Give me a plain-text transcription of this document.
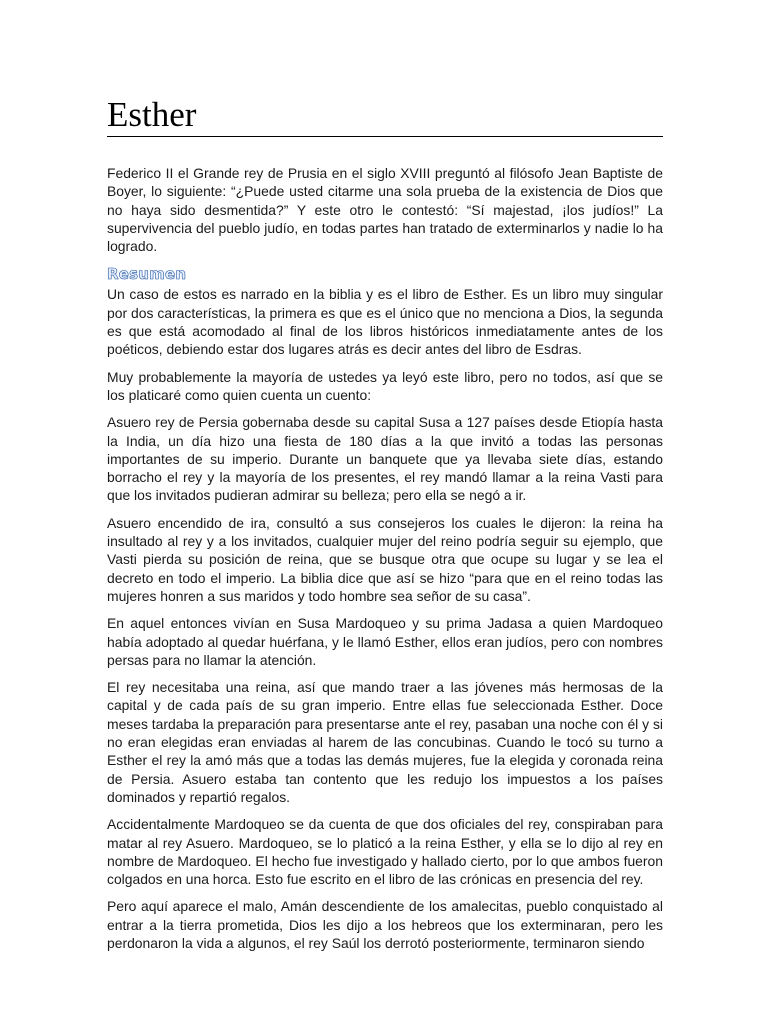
Esther

Federico II el Grande rey de Prusia en el siglo XVIII preguntó al filósofo Jean Baptiste de Boyer, lo siguiente: “¿Puede usted citarme una sola prueba de la existencia de Dios que no haya sido desmentida?” Y este otro le contestó: “Sí majestad, ¡los judíos!” La supervivencia del pueblo judío, en todas partes han tratado de exterminarlos y nadie lo ha logrado.

Resumen

Un caso de estos es narrado en la biblia y es el libro de Esther. Es un libro muy singular por dos características, la primera es que es el único que no menciona a Dios, la segunda es que está acomodado al final de los libros históricos inmediatamente antes de los poéticos, debiendo estar dos lugares atrás es decir antes del libro de Esdras.

Muy probablemente la mayoría de ustedes ya leyó este libro, pero no todos, así que se los platicaré como quien cuenta un cuento:

Asuero rey de Persia gobernaba desde su capital Susa a 127 países desde Etiopía hasta la India, un día hizo una fiesta de 180 días a la que invitó a todas las personas importantes de su imperio. Durante un banquete que ya llevaba siete días, estando borracho el rey y la mayoría de los presentes, el rey mandó llamar a la reina Vasti para que los invitados pudieran admirar su belleza; pero ella se negó a ir.

Asuero encendido de ira, consultó a sus consejeros los cuales le dijeron: la reina ha insultado al rey y a los invitados, cualquier mujer del reino podría seguir su ejemplo, que Vasti pierda su posición de reina, que se busque otra que ocupe su lugar y se lea el decreto en todo el imperio. La biblia dice que así se hizo “para que en el reino todas las mujeres honren a sus maridos y todo hombre sea señor de su casa”.

En aquel entonces vivían en Susa Mardoqueo y su prima Jadasa a quien Mardoqueo había adoptado al quedar huérfana, y le llamó Esther, ellos eran judíos, pero con nombres persas para no llamar la atención.

El rey necesitaba una reina, así que mando traer a las jóvenes más hermosas de la capital y de cada país de su gran imperio. Entre ellas fue seleccionada Esther. Doce meses tardaba la preparación para presentarse ante el rey, pasaban una noche con él y si no eran elegidas eran enviadas al harem de las concubinas. Cuando le tocó su turno a Esther el rey la amó más que a todas las demás mujeres, fue la elegida y coronada reina de Persia. Asuero estaba tan contento que les redujo los impuestos a los países dominados y repartió regalos.

Accidentalmente Mardoqueo se da cuenta de que dos oficiales del rey, conspiraban para matar al rey Asuero. Mardoqueo, se lo platicó a la reina Esther, y ella se lo dijo al rey en nombre de Mardoqueo. El hecho fue investigado y hallado cierto, por lo que ambos fueron colgados en una horca. Esto fue escrito en el libro de las crónicas en presencia del rey.

Pero aquí aparece el malo, Amán descendiente de los amalecitas, pueblo conquistado al entrar a la tierra prometida, Dios les dijo a los hebreos que los exterminaran, pero les perdonaron la vida a algunos, el rey Saúl los derrotó posteriormente, terminaron siendo
